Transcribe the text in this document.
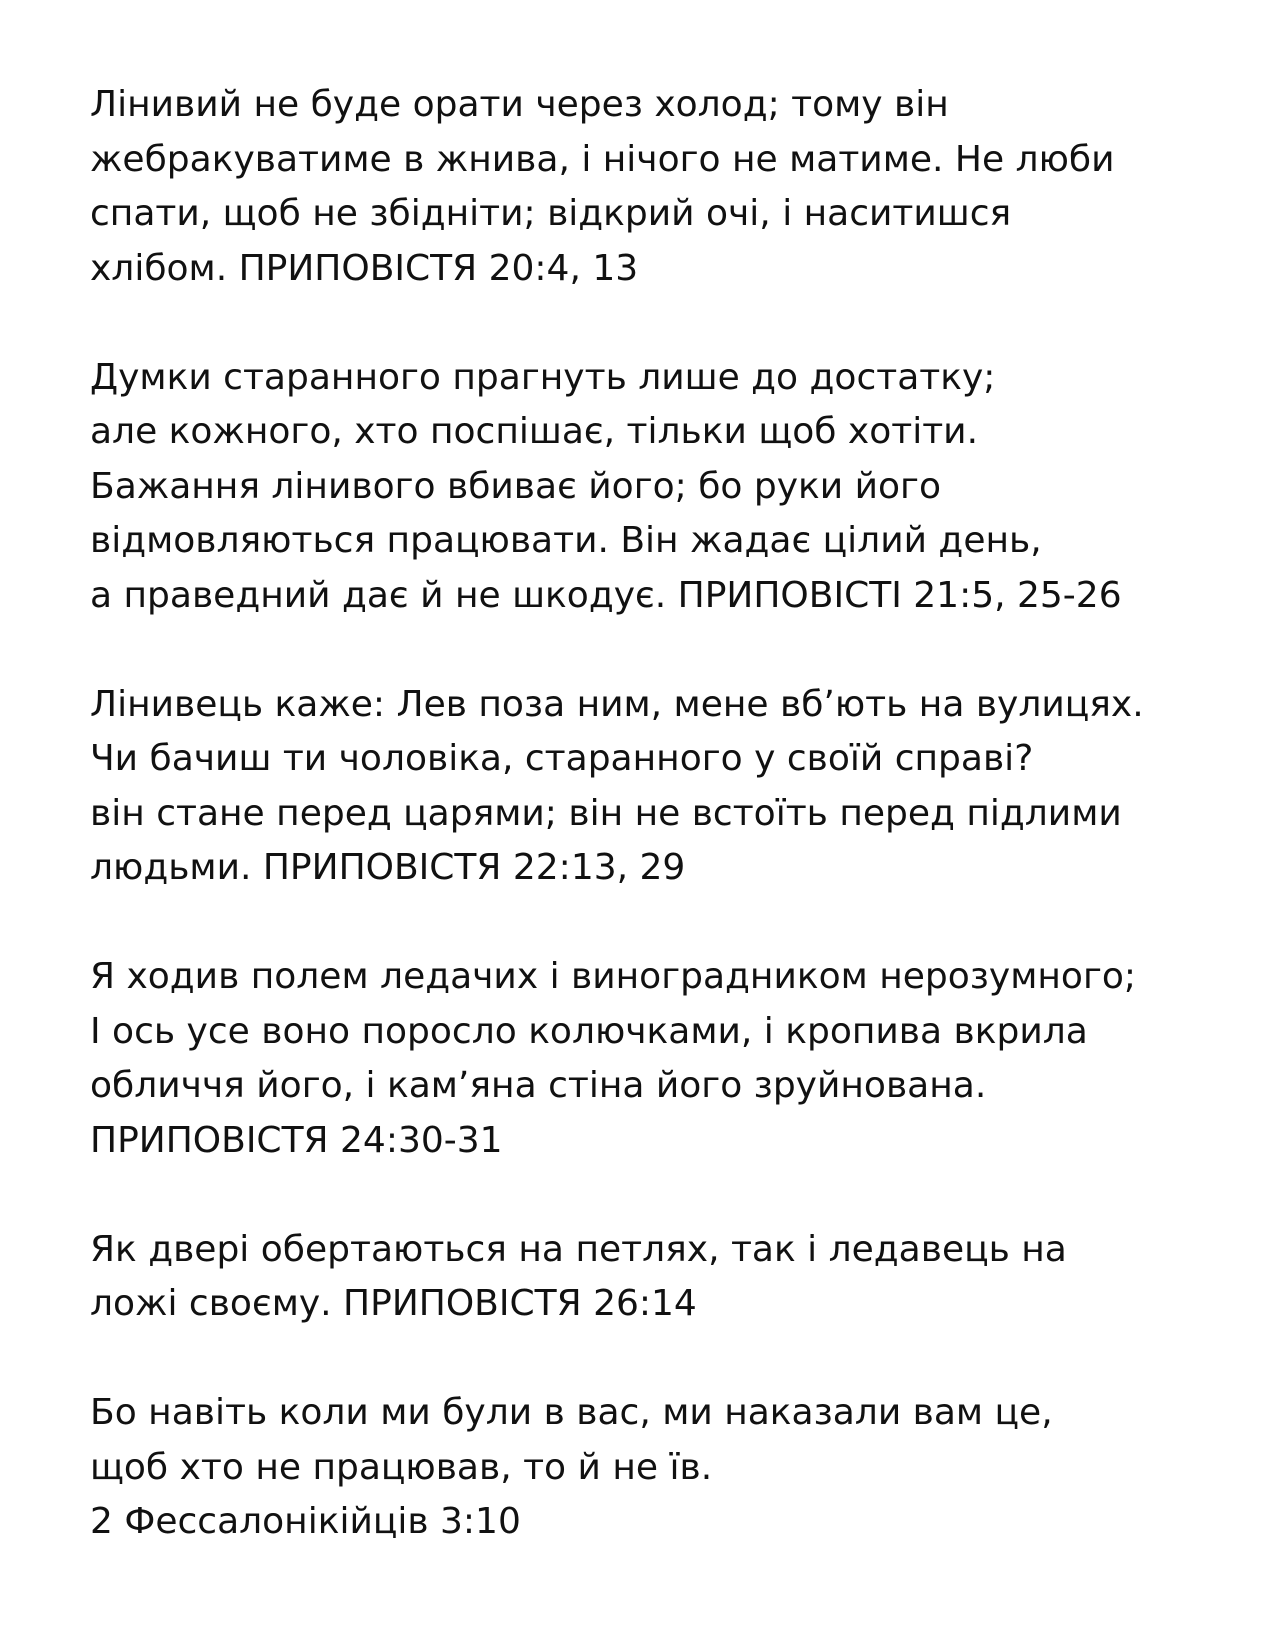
Лінивий не буде орати через холод; тому він
жебракуватиме в жнива, і нічого не матиме. Не люби
спати, щоб не збідніти; відкрий очі, і наситишся
хлібом. ПРИПОВІСТЯ 20:4, 13
Думки старанного прагнуть лише до достатку;
але кожного, хто поспішає, тільки щоб хотіти.
Бажання лінивого вбиває його; бо руки його
відмовляються працювати. Він жадає цілий день,
а праведний дає й не шкодує. ПРИПОВІСТІ 21:5, 25-26
Лінивець каже: Лев поза ним, мене вб’ють на вулицях.
Чи бачиш ти чоловіка, старанного у своїй справі?
він стане перед царями; він не встоїть перед підлими
людьми. ПРИПОВІСТЯ 22:13, 29
Я ходив полем ледачих і виноградником нерозумного;
І ось усе воно поросло колючками, і кропива вкрила
обличчя його, і кам’яна стіна його зруйнована.
ПРИПОВІСТЯ 24:30-31
Як двері обертаються на петлях, так і ледавець на
ложі своєму. ПРИПОВІСТЯ 26:14
Бо навіть коли ми були в вас, ми наказали вам це,
щоб хто не працював, то й не їв.
2 Фессалонікійців 3:10
